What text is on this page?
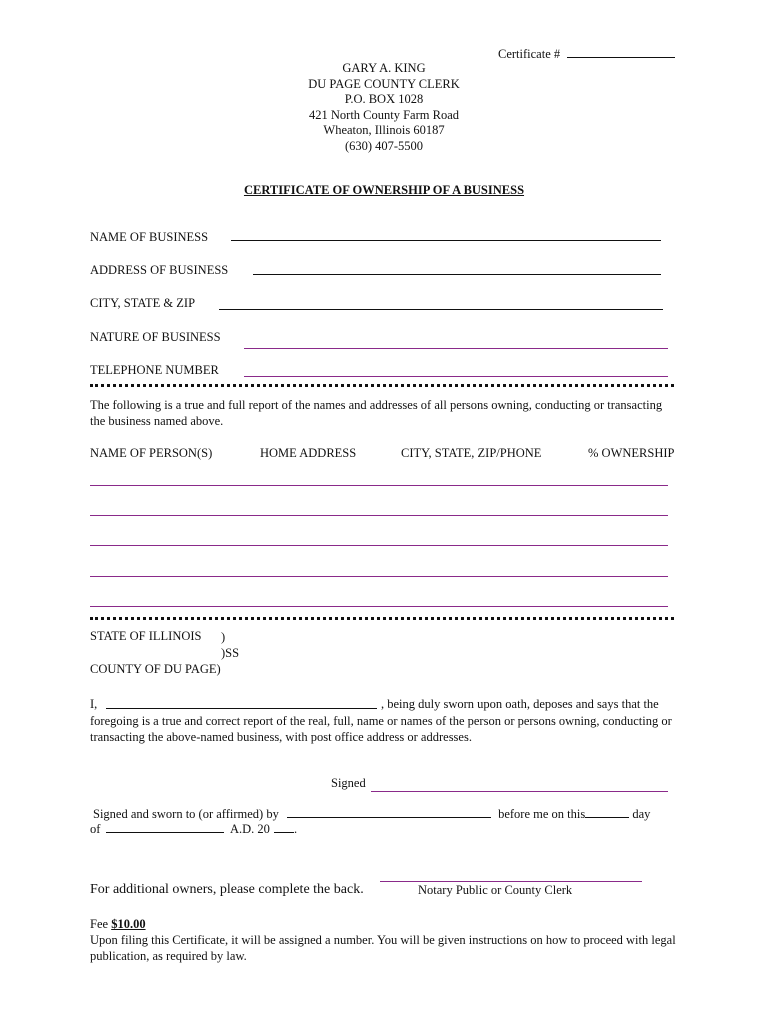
Certificate #
GARY A. KING
DU PAGE COUNTY CLERK
P.O. BOX 1028
421 North County Farm Road
Wheaton, Illinois 60187
(630) 407-5500
CERTIFICATE OF OWNERSHIP OF A BUSINESS
NAME OF BUSINESS
ADDRESS OF BUSINESS
CITY, STATE & ZIP
NATURE OF BUSINESS
TELEPHONE NUMBER
The following is a true and full report of the names and addresses of all persons owning, conducting or transacting
the business named above.
NAME OF PERSON(S)	HOME ADDRESS	CITY, STATE, ZIP/PHONE	% OWNERSHIP
STATE OF ILLINOIS )
)SS
COUNTY OF DU PAGE)
I,	, being duly sworn upon oath, deposes and says that the
foregoing is a true and correct report of the real, full, name or names of the person or persons owning, conducting or
transacting the above-named business, with post office address or addresses.
Signed
Signed and sworn to (or affirmed) by	before me on this	day
of	A.D. 20 .
For additional owners, please complete the back.	Notary Public or County Clerk
Fee $10.00
Upon filing this Certificate, it will be assigned a number. You will be given instructions on how to proceed with legal
publication, as required by law.
